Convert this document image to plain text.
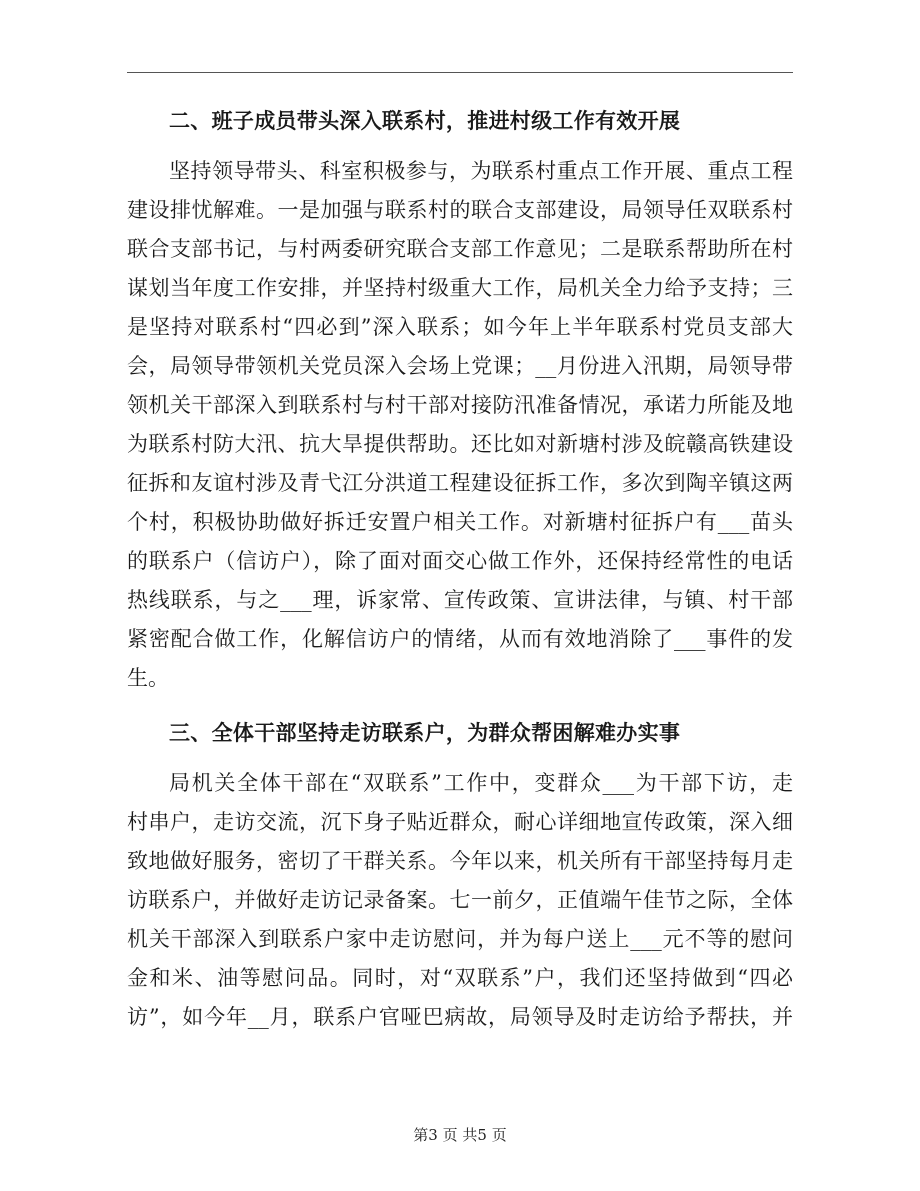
二、班子成员带头深入联系村，推进村级工作有效开展
坚持领导带头、科室积极参与，为联系村重点工作开展、重点工程
建设排忧解难。一是加强与联系村的联合支部建设，局领导任双联系村
联合支部书记，与村两委研究联合支部工作意见；二是联系帮助所在村
谋划当年度工作安排，并坚持村级重大工作，局机关全力给予支持；三
是坚持对联系村“四必到”深入联系；如今年上半年联系村党员支部大
会，局领导带领机关党员深入会场上党课；__月份进入汛期，局领导带
领机关干部深入到联系村与村干部对接防汛准备情况，承诺力所能及地
为联系村防大汛、抗大旱提供帮助。还比如对新塘村涉及皖赣高铁建设
征拆和友谊村涉及青弋江分洪道工程建设征拆工作，多次到陶辛镇这两
个村，积极协助做好拆迁安置户相关工作。对新塘村征拆户有___苗头
的联系户（信访户），除了面对面交心做工作外，还保持经常性的电话
热线联系，与之___理，诉家常、宣传政策、宣讲法律，与镇、村干部
紧密配合做工作，化解信访户的情绪，从而有效地消除了___事件的发
生。
三、全体干部坚持走访联系户，为群众帮困解难办实事
局机关全体干部在“双联系”工作中，变群众___为干部下访，走
村串户，走访交流，沉下身子贴近群众，耐心详细地宣传政策，深入细
致地做好服务，密切了干群关系。今年以来，机关所有干部坚持每月走
访联系户，并做好走访记录备案。七一前夕，正值端午佳节之际，全体
机关干部深入到联系户家中走访慰问，并为每户送上___元不等的慰问
金和米、油等慰问品。同时，对“双联系”户，我们还坚持做到“四必
访”，如今年__月，联系户官哑巴病故，局领导及时走访给予帮扶，并
第3 页 共5 页
